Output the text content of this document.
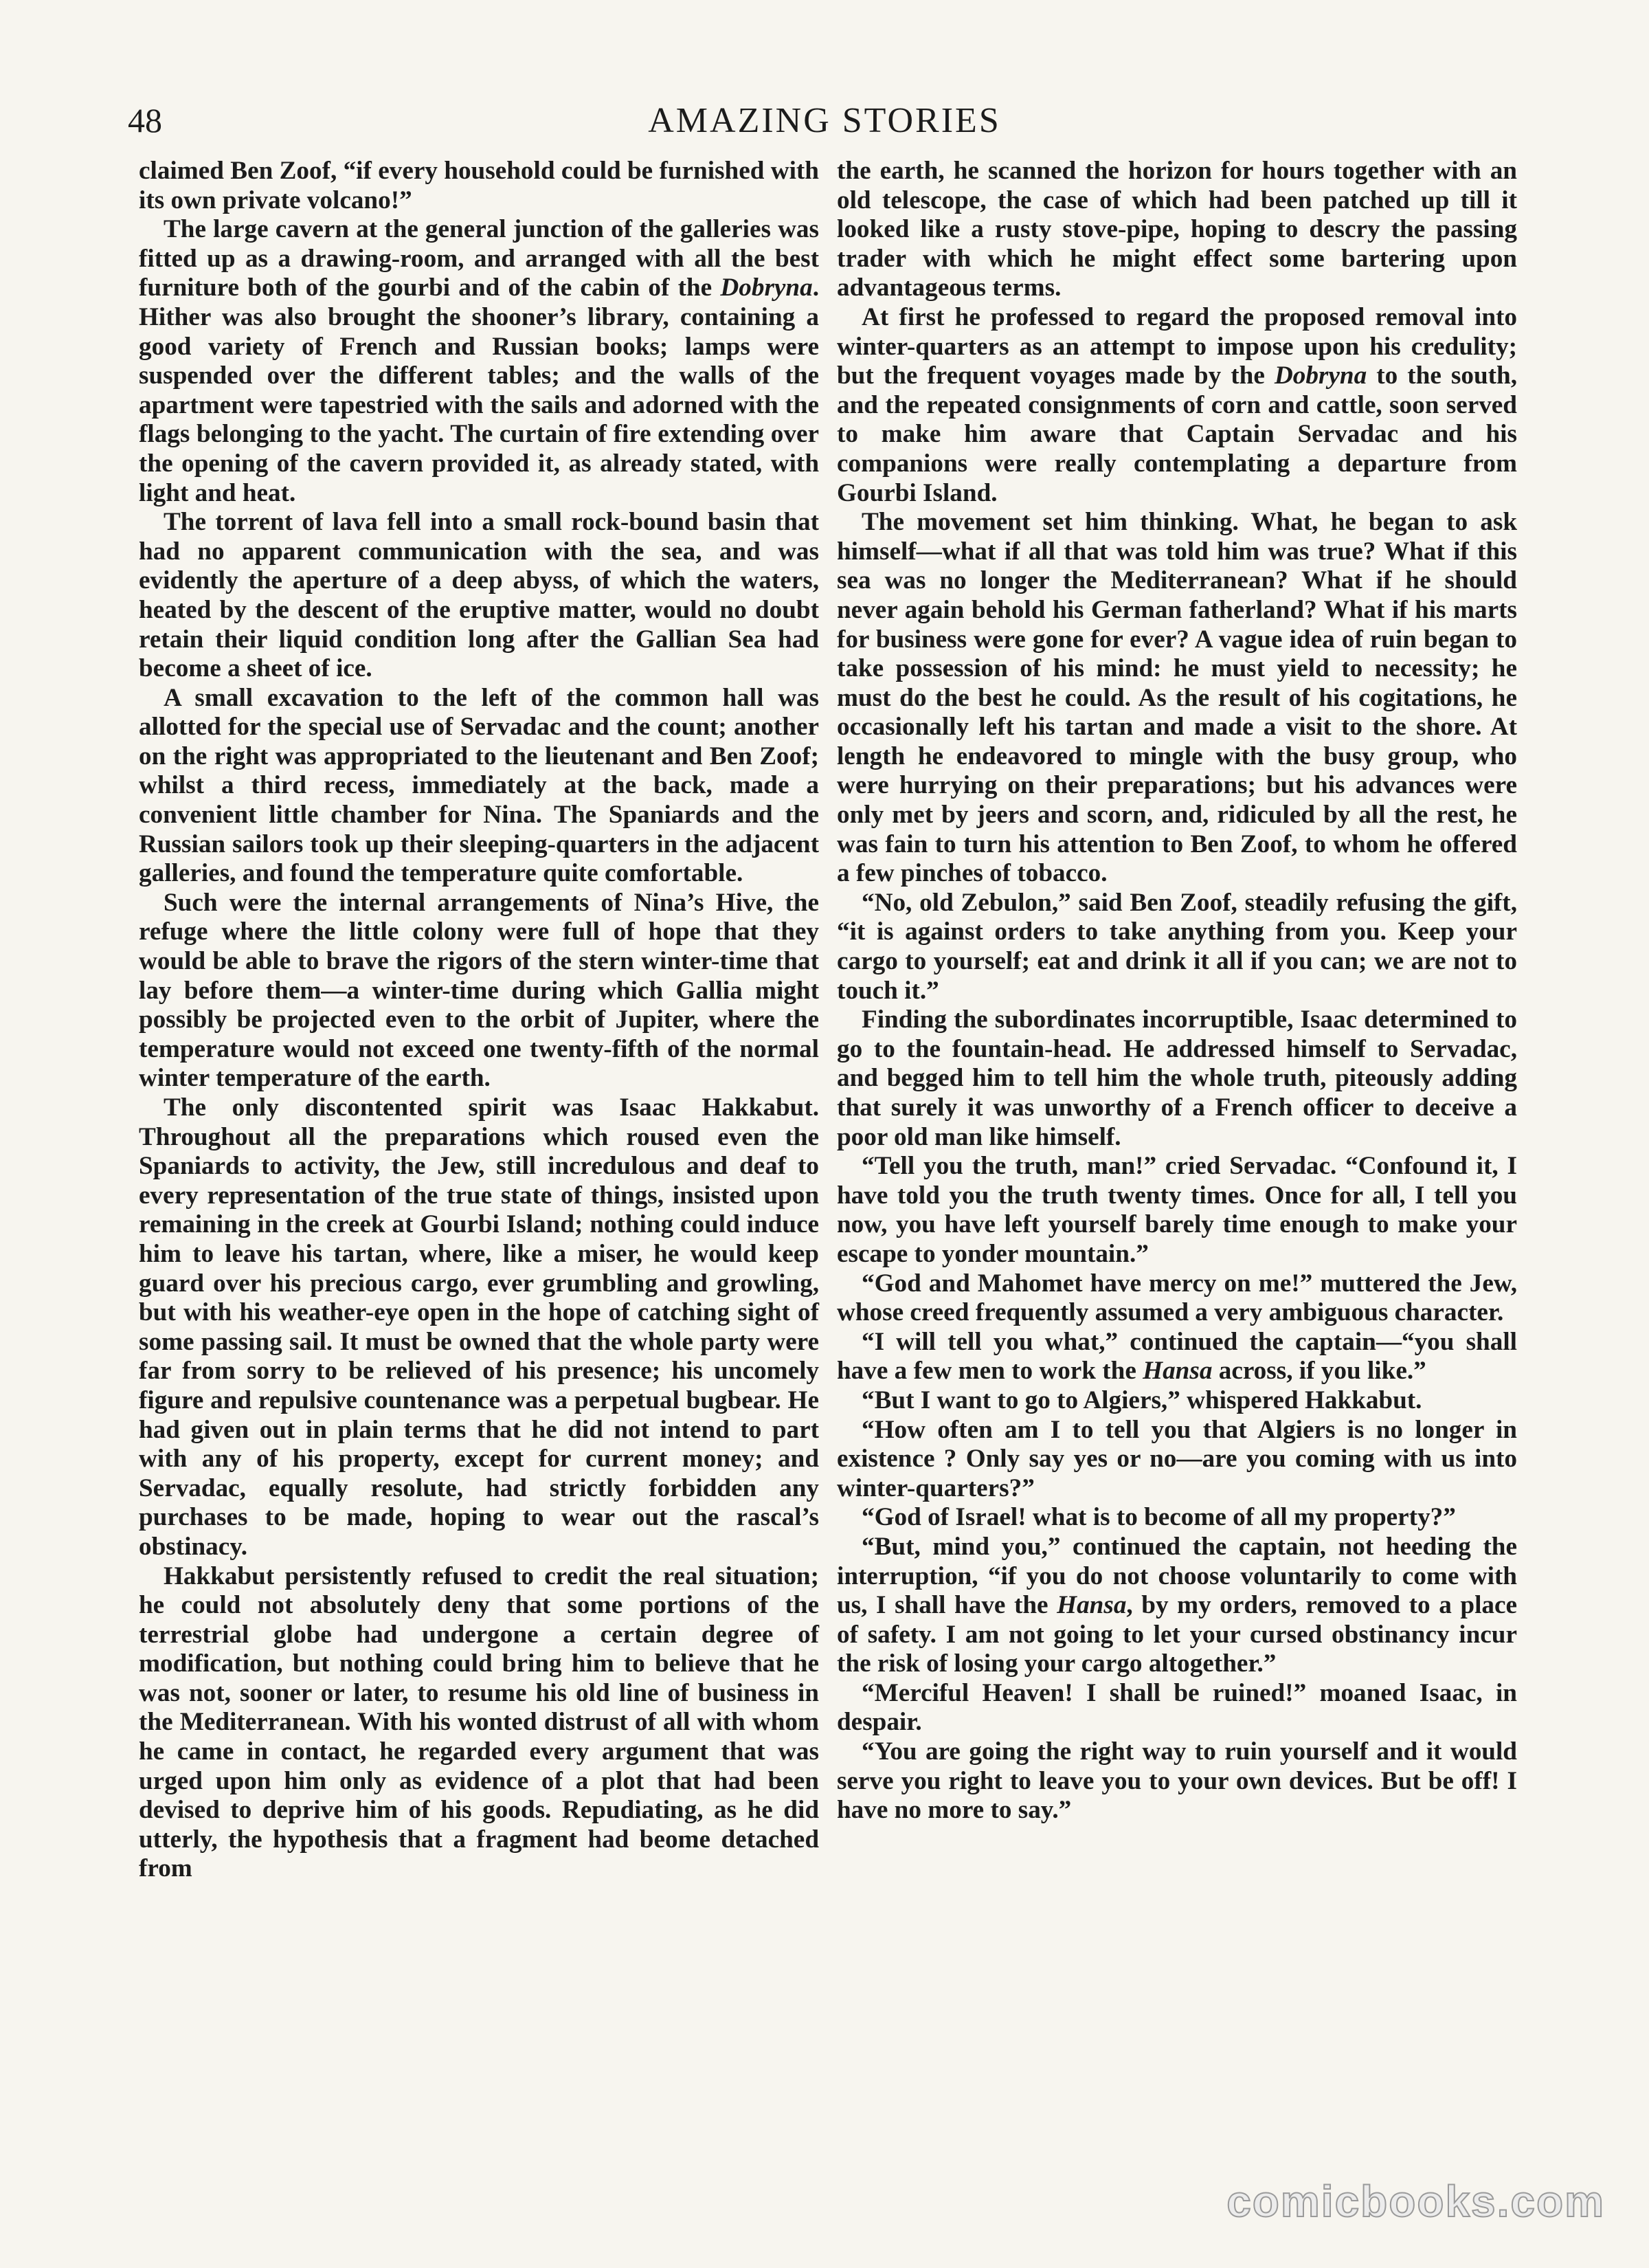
48	AMAZING STORIES

claimed Ben Zoof, “if every household could be furnished with its own private volcano!”

The large cavern at the general junction of the galleries was fitted up as a drawing-room, and arranged with all the best furniture both of the gourbi and of the cabin of the Dobryna. Hither was also brought the shooner’s library, containing a good variety of French and Russian books; lamps were suspended over the different tables; and the walls of the apartment were tapestried with the sails and adorned with the flags belonging to the yacht. The curtain of fire extending over the opening of the cavern provided it, as already stated, with light and heat.

The torrent of lava fell into a small rock-bound basin that had no apparent communication with the sea, and was evidently the aperture of a deep abyss, of which the waters, heated by the descent of the eruptive matter, would no doubt retain their liquid condition long after the Gallian Sea had become a sheet of ice.

A small excavation to the left of the common hall was allotted for the special use of Servadac and the count; another on the right was appropriated to the lieutenant and Ben Zoof; whilst a third recess, immediately at the back, made a convenient little chamber for Nina. The Spaniards and the Russian sailors took up their sleeping-quarters in the adjacent galleries, and found the temperature quite comfortable.

Such were the internal arrangements of Nina’s Hive, the refuge where the little colony were full of hope that they would be able to brave the rigors of the stern winter-time that lay before them—a winter-time during which Gallia might possibly be projected even to the orbit of Jupiter, where the temperature would not exceed one twenty-fifth of the normal winter temperature of the earth.

The only discontented spirit was Isaac Hakkabut. Throughout all the preparations which roused even the Spaniards to activity, the Jew, still incredulous and deaf to every representation of the true state of things, insisted upon remaining in the creek at Gourbi Island; nothing could induce him to leave his tartan, where, like a miser, he would keep guard over his precious cargo, ever grumbling and growling, but with his weather-eye open in the hope of catching sight of some passing sail. It must be owned that the whole party were far from sorry to be relieved of his presence; his uncomely figure and repulsive countenance was a perpetual bugbear. He had given out in plain terms that he did not intend to part with any of his property, except for current money; and Servadac, equally resolute, had strictly forbidden any purchases to be made, hoping to wear out the rascal’s obstinacy.

Hakkabut persistently refused to credit the real situation; he could not absolutely deny that some portions of the terrestrial globe had undergone a certain degree of modification, but nothing could bring him to believe that he was not, sooner or later, to resume his old line of business in the Mediterranean. With his wonted distrust of all with whom he came in contact, he regarded every argument that was urged upon him only as evidence of a plot that had been devised to deprive him of his goods. Repudiating, as he did utterly, the hypothesis that a fragment had beome detached from

the earth, he scanned the horizon for hours together with an old telescope, the case of which had been patched up till it looked like a rusty stove-pipe, hoping to descry the passing trader with which he might effect some bartering upon advantageous terms.

At first he professed to regard the proposed removal into winter-quarters as an attempt to impose upon his credulity; but the frequent voyages made by the Dobryna to the south, and the repeated consignments of corn and cattle, soon served to make him aware that Captain Servadac and his companions were really contemplating a departure from Gourbi Island.

The movement set him thinking. What, he began to ask himself—what if all that was told him was true? What if this sea was no longer the Mediterranean? What if he should never again behold his German fatherland? What if his marts for business were gone for ever? A vague idea of ruin began to take possession of his mind: he must yield to necessity; he must do the best he could. As the result of his cogitations, he occasionally left his tartan and made a visit to the shore. At length he endeavored to mingle with the busy group, who were hurrying on their preparations; but his advances were only met by jeers and scorn, and, ridiculed by all the rest, he was fain to turn his attention to Ben Zoof, to whom he offered a few pinches of tobacco.

“No, old Zebulon,” said Ben Zoof, steadily refusing the gift, “it is against orders to take anything from you. Keep your cargo to yourself; eat and drink it all if you can; we are not to touch it.”

Finding the subordinates incorruptible, Isaac determined to go to the fountain-head. He addressed himself to Servadac, and begged him to tell him the whole truth, piteously adding that surely it was unworthy of a French officer to deceive a poor old man like himself.

“Tell you the truth, man!” cried Servadac. “Confound it, I have told you the truth twenty times. Once for all, I tell you now, you have left yourself barely time enough to make your escape to yonder mountain.”

“God and Mahomet have mercy on me!” muttered the Jew, whose creed frequently assumed a very ambiguous character.

“I will tell you what,” continued the captain—“you shall have a few men to work the Hansa across, if you like.”

“But I want to go to Algiers,” whispered Hakkabut.

“How often am I to tell you that Algiers is no longer in existence ? Only say yes or no—are you coming with us into winter-quarters?”

“God of Israel! what is to become of all my property?”

“But, mind you,” continued the captain, not heeding the interruption, “if you do not choose voluntarily to come with us, I shall have the Hansa, by my orders, removed to a place of safety. I am not going to let your cursed obstinancy incur the risk of losing your cargo altogether.”

“Merciful Heaven! I shall be ruined!” moaned Isaac, in despair.

“You are going the right way to ruin yourself and it would serve you right to leave you to your own devices. But be off! I have no more to say.”

comicbooks.com
